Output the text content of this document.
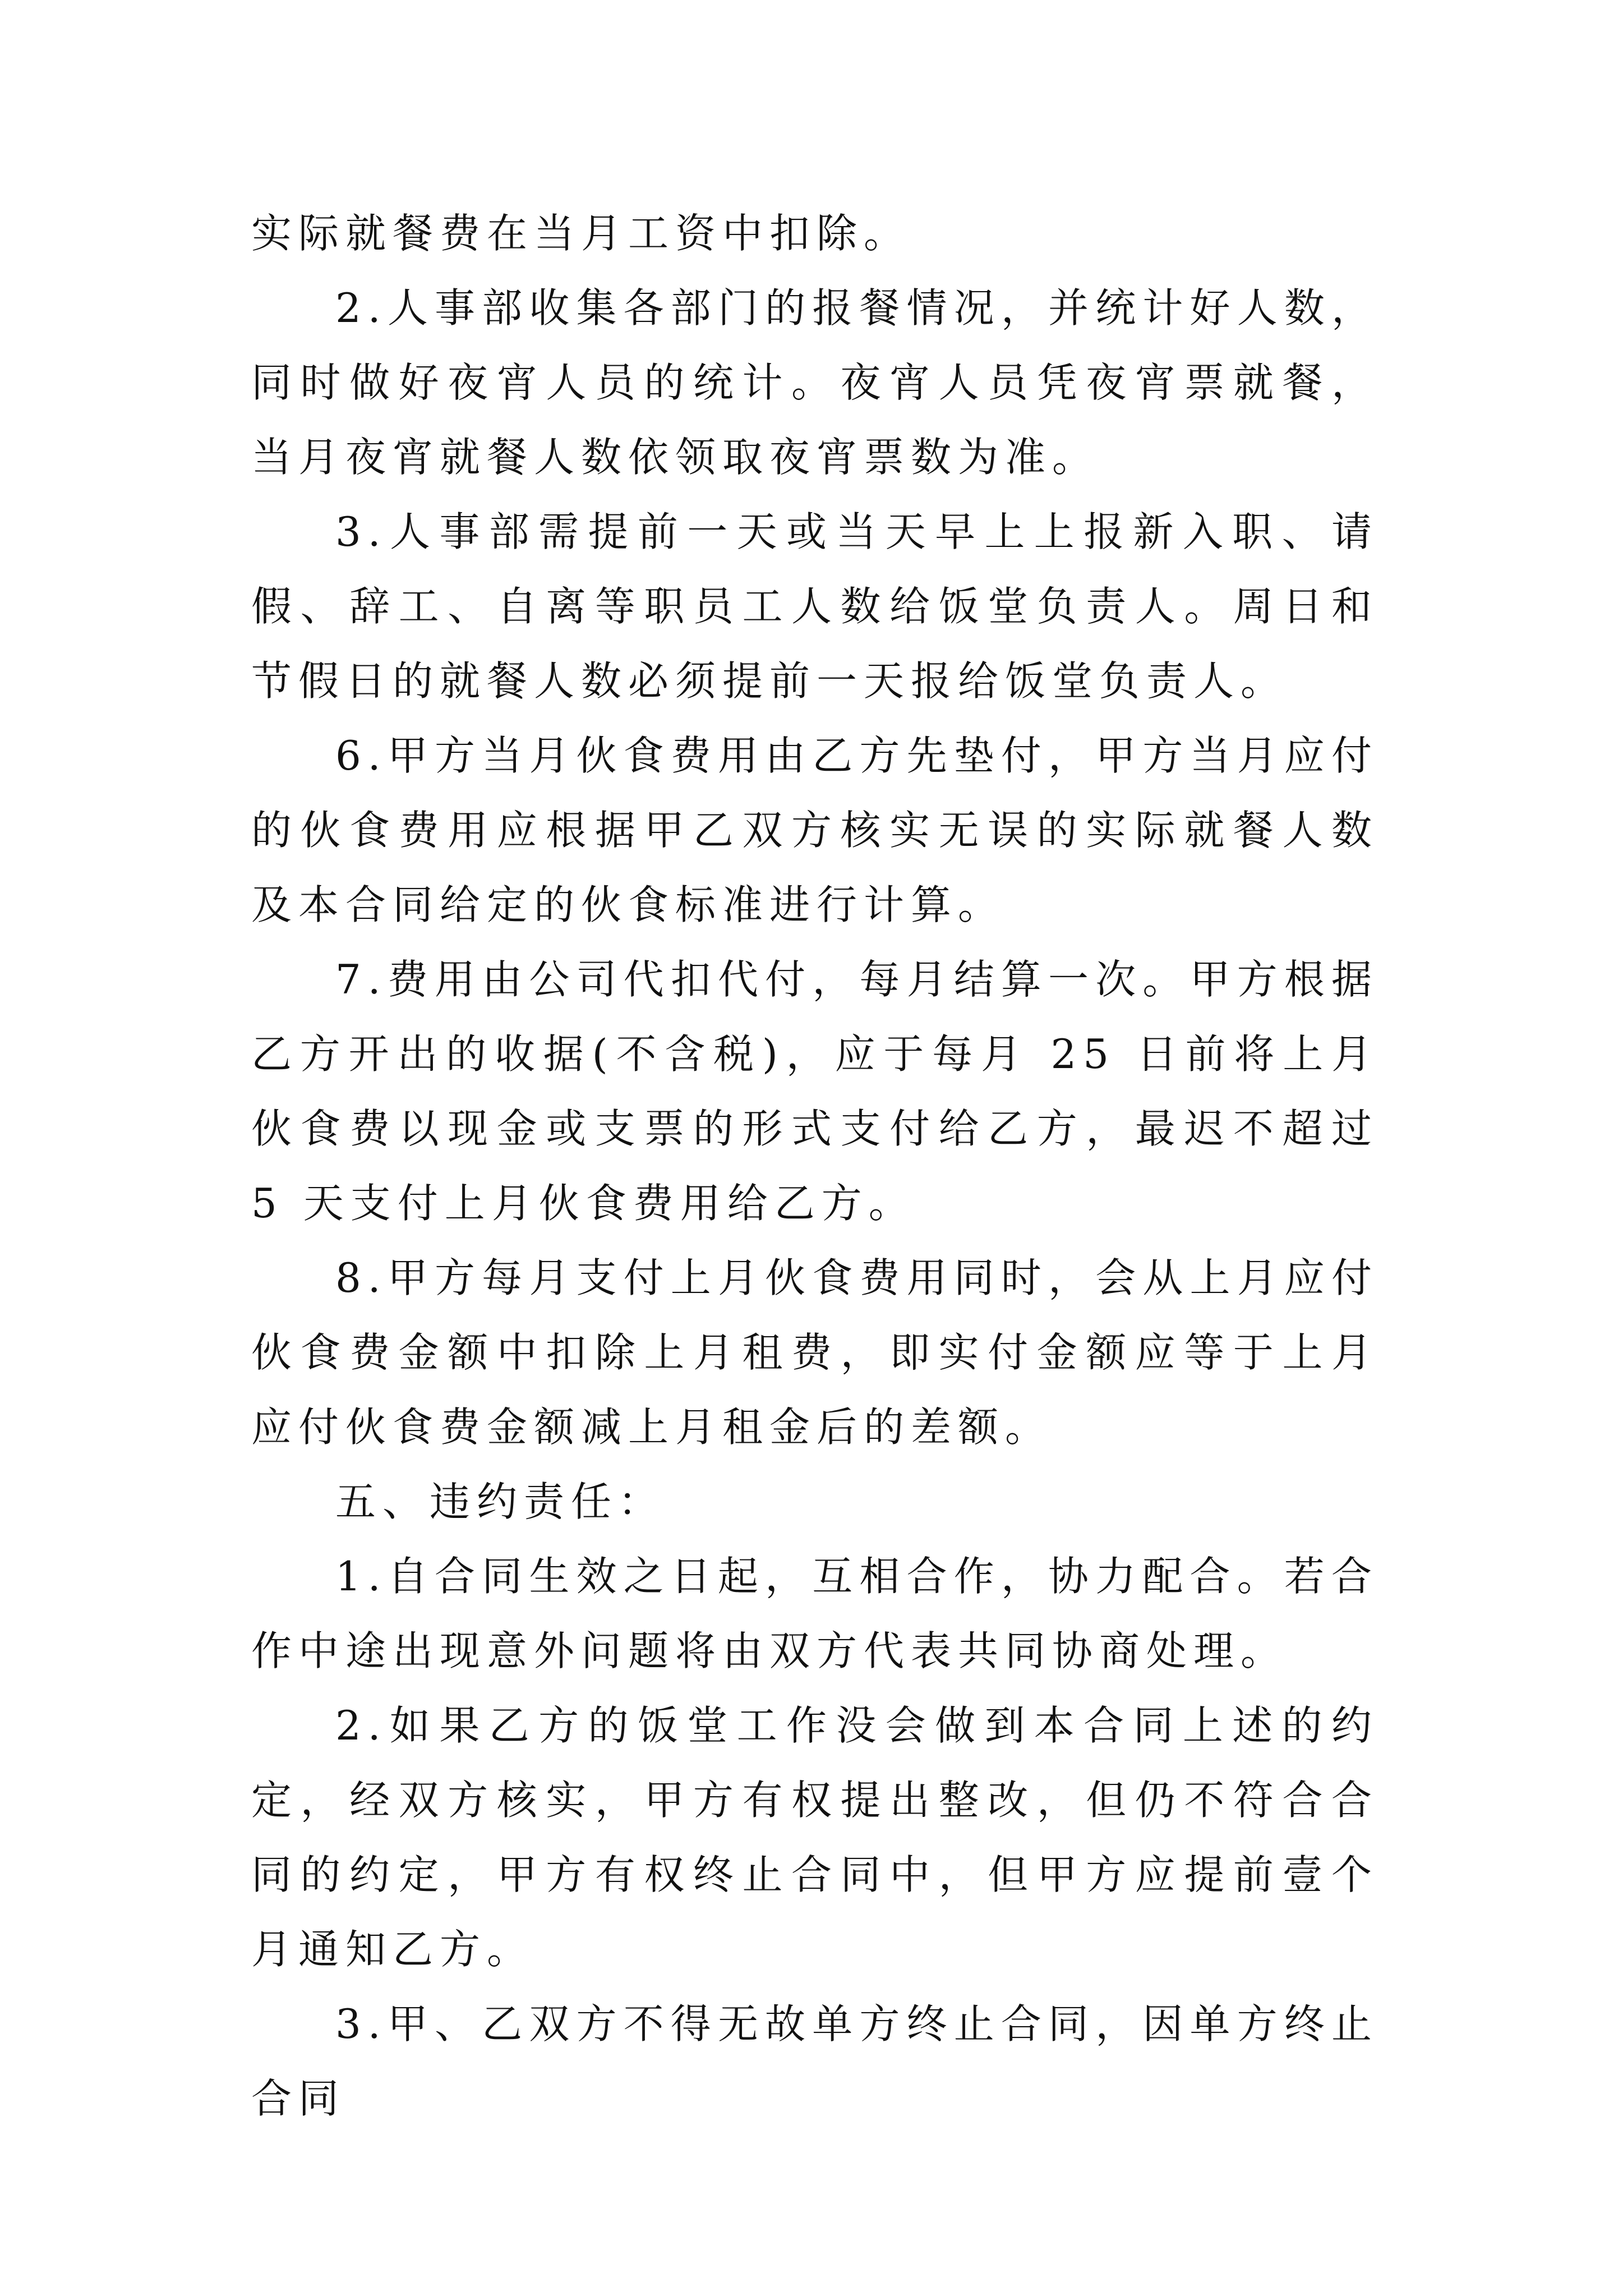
实际就餐费在当月工资中扣除。

2.人事部收集各部门的报餐情况，并统计好人数，同时做好夜宵人员的统计。夜宵人员凭夜宵票就餐，当月夜宵就餐人数依领取夜宵票数为准。

3.人事部需提前一天或当天早上上报新入职、请假、辞工、自离等职员工人数给饭堂负责人。周日和节假日的就餐人数必须提前一天报给饭堂负责人。

6.甲方当月伙食费用由乙方先垫付，甲方当月应付的伙食费用应根据甲乙双方核实无误的实际就餐人数及本合同给定的伙食标准进行计算。

7.费用由公司代扣代付，每月结算一次。甲方根据乙方开出的收据(不含税)，应于每月 25 日前将上月伙食费以现金或支票的形式支付给乙方，最迟不超过 5 天支付上月伙食费用给乙方。

8.甲方每月支付上月伙食费用同时，会从上月应付伙食费金额中扣除上月租费，即实付金额应等于上月应付伙食费金额减上月租金后的差额。

五、违约责任：

1.自合同生效之日起，互相合作，协力配合。若合作中途出现意外问题将由双方代表共同协商处理。

2.如果乙方的饭堂工作没会做到本合同上述的约定，经双方核实，甲方有权提出整改，但仍不符合合同的约定，甲方有权终止合同中，但甲方应提前壹个月通知乙方。

3.甲、乙双方不得无故单方终止合同，因单方终止合同
